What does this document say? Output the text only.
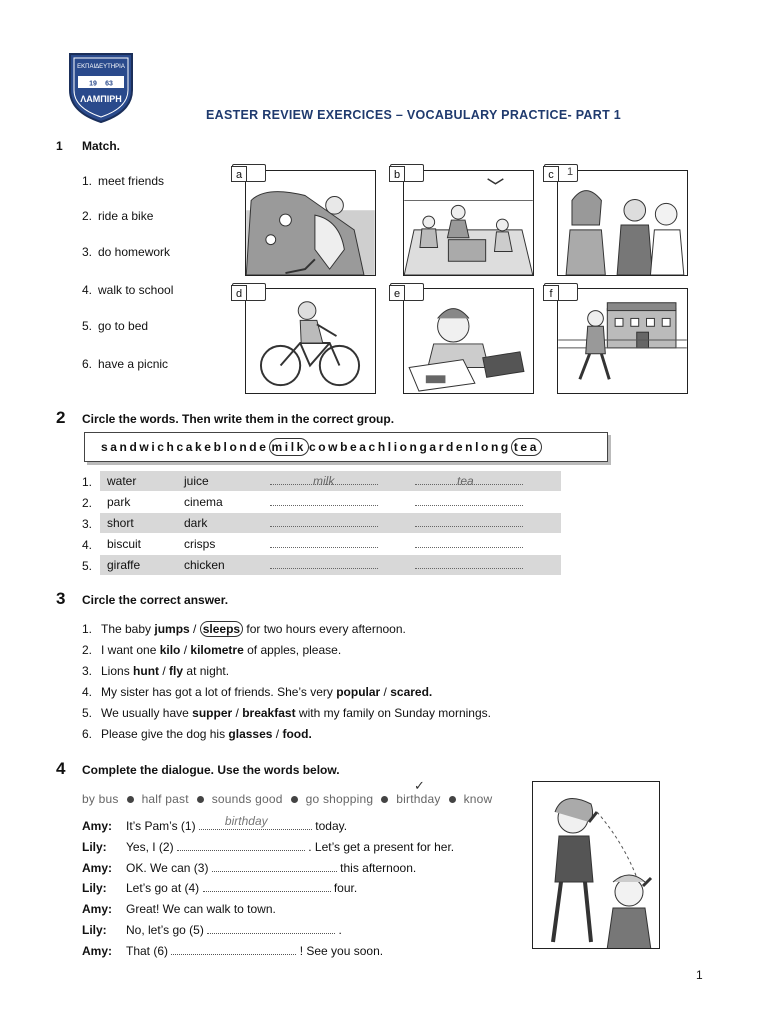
ΕΚΠΑΙΔΕΥΤΗΡΙΑ
19 63
ΛΑΜΠΙΡΗ
EASTER REVIEW EXERCICES – VOCABULARY PRACTICE- PART 1
1 Match.
1. meet friends
2. ride a bike
3. do homework
4. walk to school
5. go to bed
6. have a picnic
a	b	c	1
d	e	f
2 Circle the words. Then write them in the correct group.
sandwichcakeblonde milk cowbeachliongardenlong tea
1. water	juice	milk	tea
2. park	cinema
3. short	dark
4. biscuit	crisps
5. giraffe	chicken
3 Circle the correct answer.
1. The baby jumps / sleeps for two hours every afternoon.
2. I want one kilo / kilometre of apples, please.
3. Lions hunt / fly at night.
4. My sister has got a lot of friends. She’s very popular / scared.
5. We usually have supper / breakfast with my family on Sunday mornings.
6. Please give the dog his glasses / food.
4 Complete the dialogue. Use the words below.
✓
by bus half past sounds good go shopping birthday know
Amy: It’s Pam’s (1) birthday	today.
Lily: Yes, I (2)	. Let’s get a present for her.
Amy: OK. We can (3)	this afternoon.
Lily: Let’s go at (4)	four.
Amy: Great! We can walk to town.
Lily: No, let’s go (5)	.
Amy: That (6)	! See you soon.
1
